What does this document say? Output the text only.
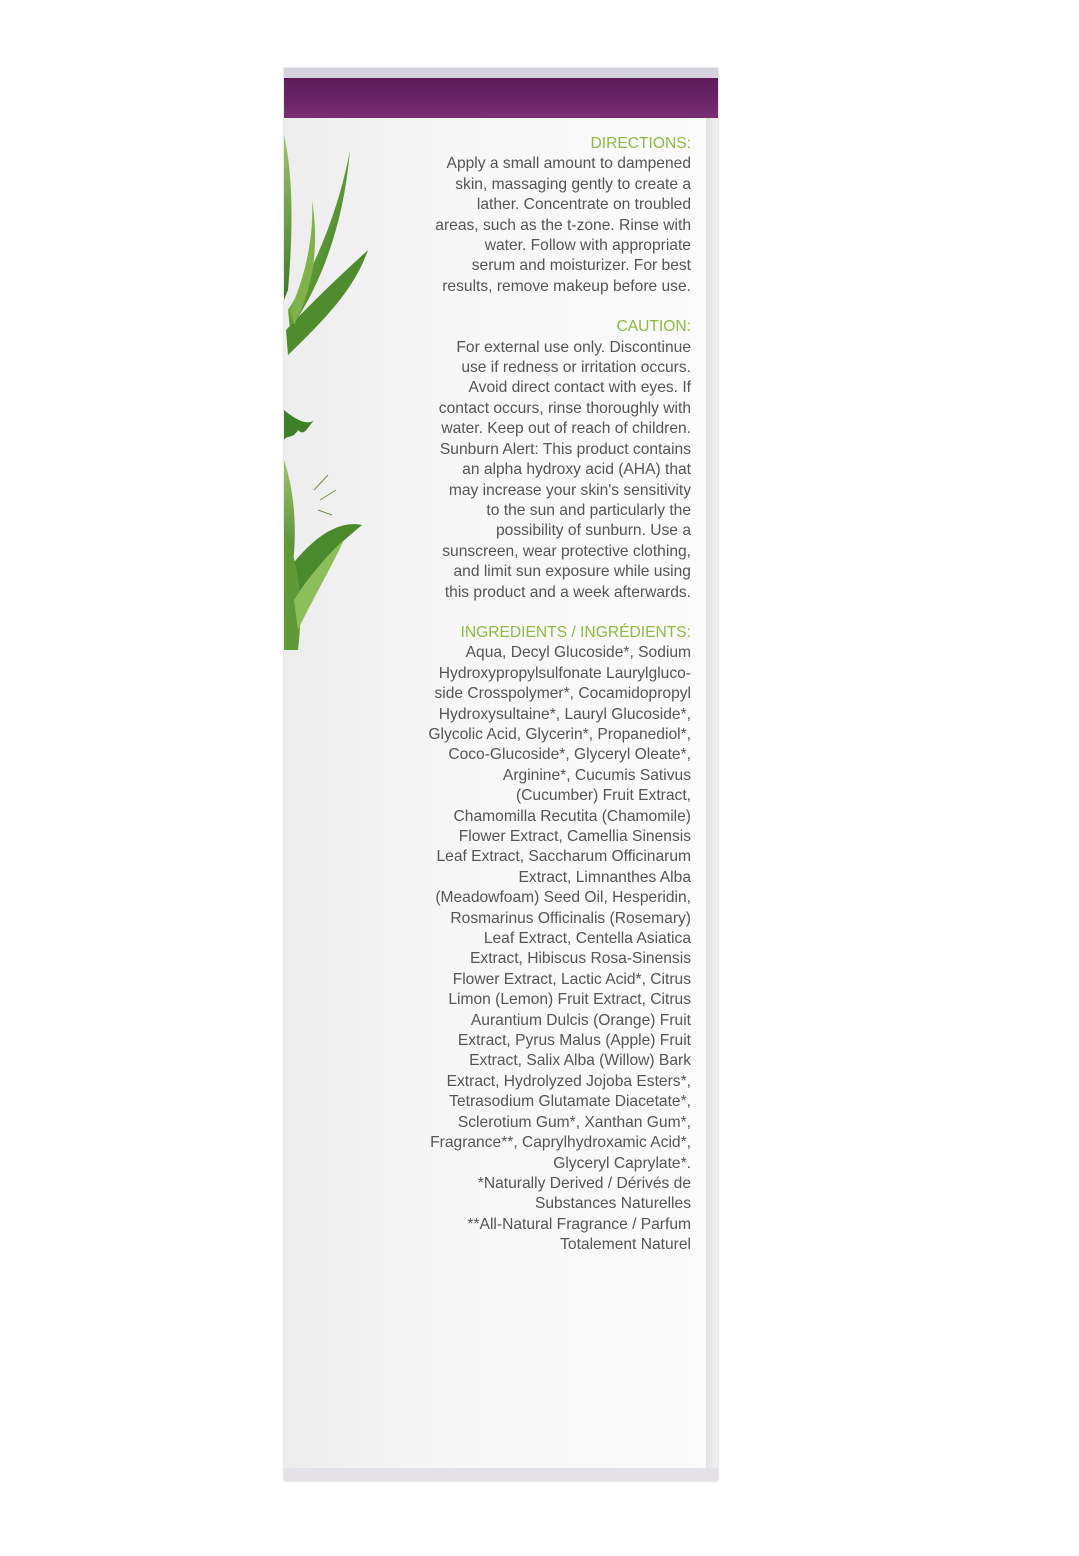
DIRECTIONS:
Apply a small amount to dampened
skin, massaging gently to create a
lather. Concentrate on troubled
areas, such as the t-zone. Rinse with
water. Follow with appropriate
serum and moisturizer. For best
results, remove makeup before use.
CAUTION:
For external use only. Discontinue
use if redness or irritation occurs.
Avoid direct contact with eyes. If
contact occurs, rinse thoroughly with
water. Keep out of reach of children.
Sunburn Alert: This product contains
an alpha hydroxy acid (AHA) that
may increase your skin's sensitivity
to the sun and particularly the
possibility of sunburn. Use a
sunscreen, wear protective clothing,
and limit sun exposure while using
this product and a week afterwards.
INGREDIENTS / INGRÉDIENTS:
Aqua, Decyl Glucoside*, Sodium
Hydroxypropylsulfonate Laurylgluco-
side Crosspolymer*, Cocamidopropyl
Hydroxysultaine*, Lauryl Glucoside*,
Glycolic Acid, Glycerin*, Propanediol*,
Coco-Glucoside*, Glyceryl Oleate*,
Arginine*, Cucumis Sativus
(Cucumber) Fruit Extract,
Chamomilla Recutita (Chamomile)
Flower Extract, Camellia Sinensis
Leaf Extract, Saccharum Officinarum
Extract, Limnanthes Alba
(Meadowfoam) Seed Oil, Hesperidin,
Rosmarinus Officinalis (Rosemary)
Leaf Extract, Centella Asiatica
Extract, Hibiscus Rosa-Sinensis
Flower Extract, Lactic Acid*, Citrus
Limon (Lemon) Fruit Extract, Citrus
Aurantium Dulcis (Orange) Fruit
Extract, Pyrus Malus (Apple) Fruit
Extract, Salix Alba (Willow) Bark
Extract, Hydrolyzed Jojoba Esters*,
Tetrasodium Glutamate Diacetate*,
Sclerotium Gum*, Xanthan Gum*,
Fragrance**, Caprylhydroxamic Acid*,
Glyceryl Caprylate*.
*Naturally Derived / Dérivés de
Substances Naturelles
**All-Natural Fragrance / Parfum
Totalement Naturel
